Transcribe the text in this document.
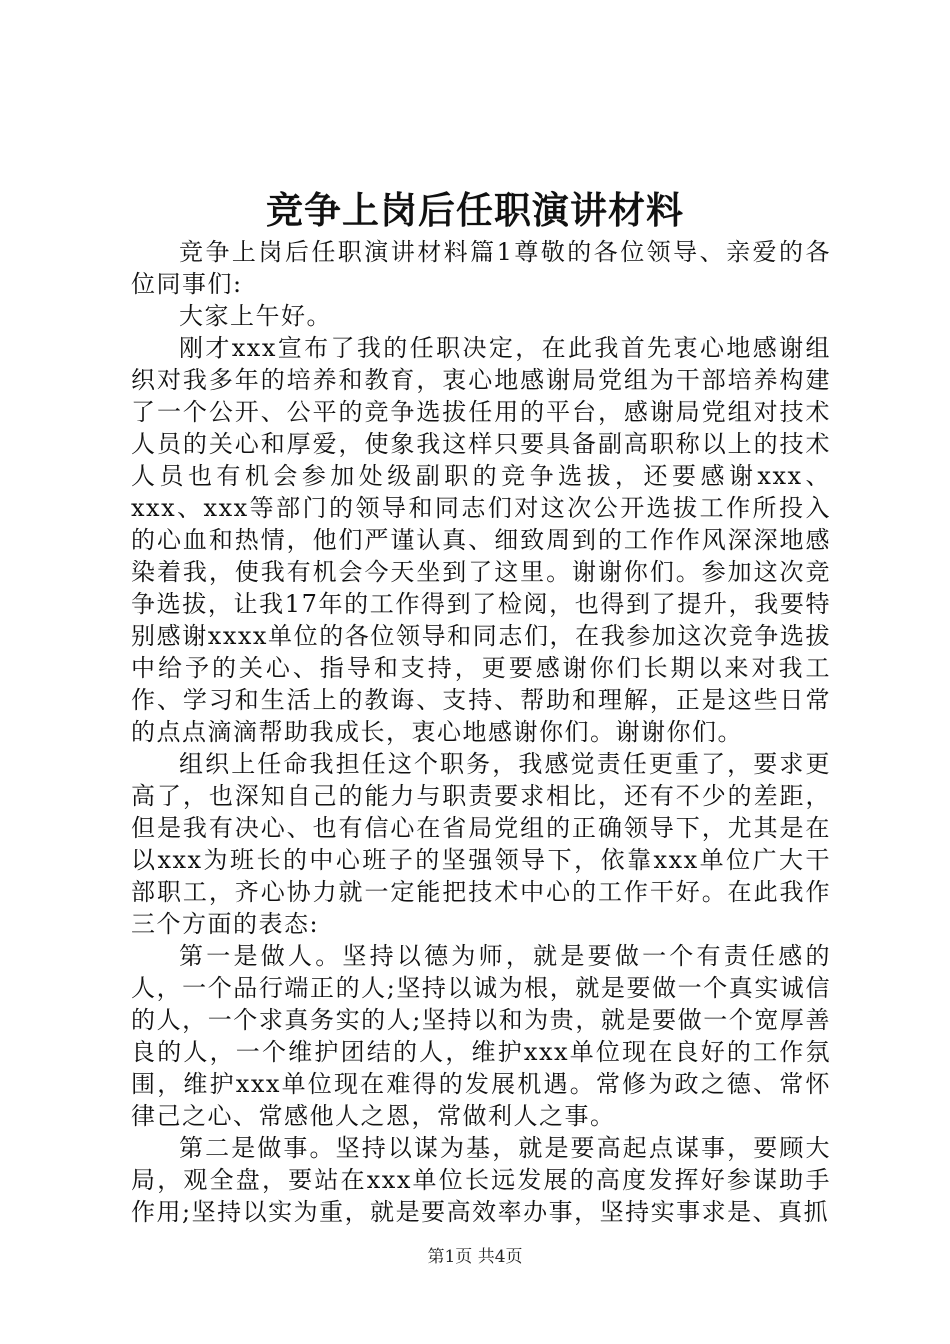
竞争上岗后任职演讲材料

竞争上岗后任职演讲材料篇1尊敬的各位领导、亲爱的各位同事们:

大家上午好。

刚才xxx宣布了我的任职决定，在此我首先衷心地感谢组织对我多年的培养和教育，衷心地感谢局党组为干部培养构建了一个公开、公平的竞争选拔任用的平台，感谢局党组对技术人员的关心和厚爱，使象我这样只要具备副高职称以上的技术人员也有机会参加处级副职的竞争选拔，还要感谢xxx、xxx、xxx等部门的领导和同志们对这次公开选拔工作所投入的心血和热情，他们严谨认真、细致周到的工作作风深深地感染着我，使我有机会今天坐到了这里。谢谢你们。参加这次竞争选拔，让我17年的工作得到了检阅，也得到了提升，我要特别感谢xxxx单位的各位领导和同志们，在我参加这次竞争选拔中给予的关心、指导和支持，更要感谢你们长期以来对我工作、学习和生活上的教诲、支持、帮助和理解，正是这些日常的点点滴滴帮助我成长，衷心地感谢你们。谢谢你们。

组织上任命我担任这个职务，我感觉责任更重了，要求更高了，也深知自己的能力与职责要求相比，还有不少的差距，但是我有决心、也有信心在省局党组的正确领导下，尤其是在以xxx为班长的中心班子的坚强领导下，依靠xxx单位广大干部职工，齐心协力就一定能把技术中心的工作干好。在此我作三个方面的表态:

第一是做人。坚持以德为师，就是要做一个有责任感的人，一个品行端正的人;坚持以诚为根，就是要做一个真实诚信的人，一个求真务实的人;坚持以和为贵，就是要做一个宽厚善良的人，一个维护团结的人，维护xxx单位现在良好的工作氛围，维护xxx单位现在难得的发展机遇。常修为政之德、常怀律己之心、常感他人之恩，常做利人之事。

第二是做事。坚持以谋为基，就是要高起点谋事，要顾大局，观全盘，要站在xxx单位长远发展的高度发挥好参谋助手作用;坚持以实为重，就是要高效率办事，坚持实事求是、真抓

第1页 共4页
